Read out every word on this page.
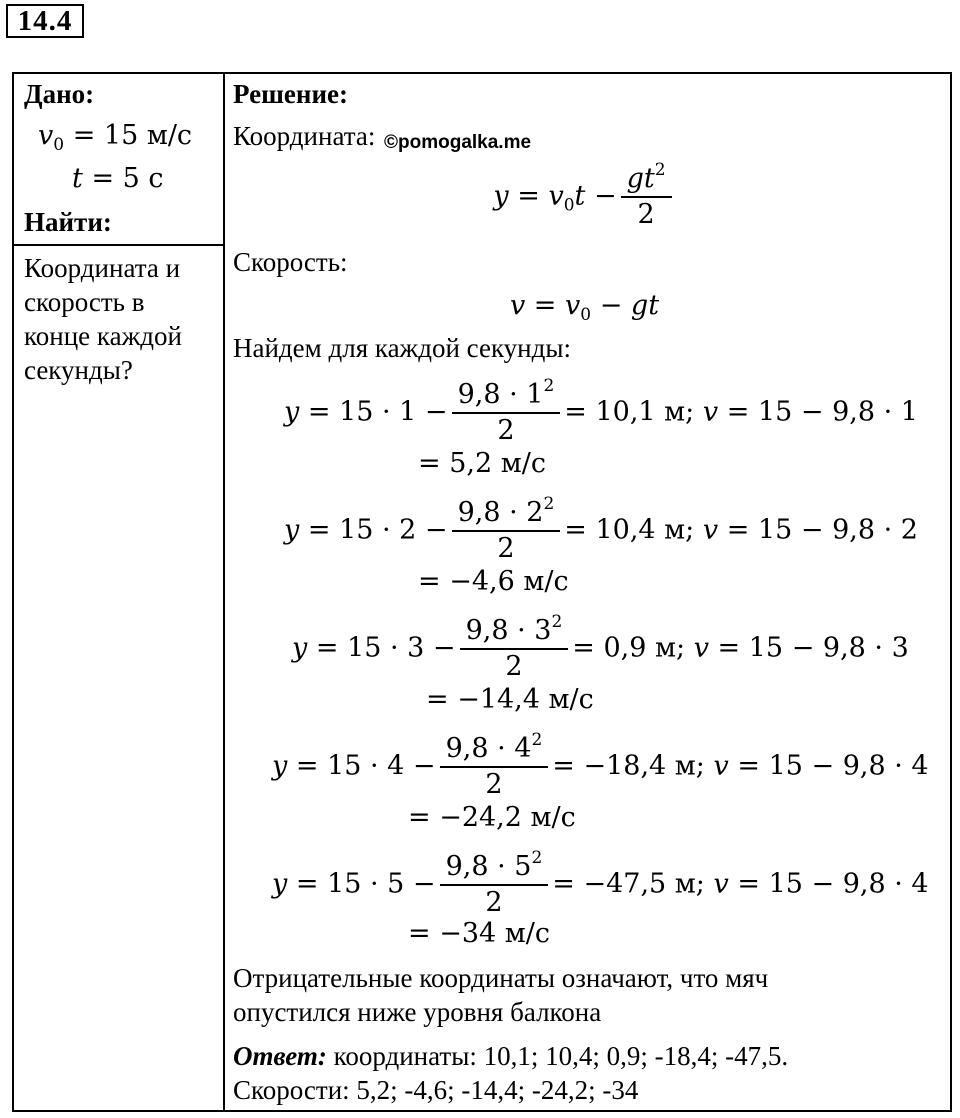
14.4
Дано:
$v_0 = 15$ м/с
t = 5 с
Найти:
Координата и
скорость в
конце каждой
секунды?
Решение:
Координата: ©pomogalka.me
$y = v_0t - \frac{gt^2}{2}$
Скорость:
$v = v_0$ − gt
Найдем для каждой секунды:
$y = 15 \cdot 1 - \frac{9,8 \cdot 1^2}{2} = 10,1$ м; v = 15 − 9,8 · 1
= 5,2 м/с
$y = 15 \cdot 2 - \frac{9,8 \cdot 2^2}{2} = 10,4$ м; v = 15 − 9,8 · 2
= −4,6 м/с
$y = 15 \cdot 3 - \frac{9,8 \cdot 3^2}{2} = 0,9$ м; v = 15 − 9,8 · 3
= −14,4 м/с
$y = 15 \cdot 4 - \frac{9,8 \cdot 4^2}{2} = -18,4$ м; v = 15 − 9,8 · 4
= −24,2 м/с
$y = 15 \cdot 5 - \frac{9,8 \cdot 5^2}{2} = -47,5$ м; v = 15 − 9,8 · 4
= −34 м/с
Отрицательные координаты означают, что мяч
опустился ниже уровня балкона
Ответ: координаты: 10,1; 10,4; 0,9; -18,4; -47,5.
Скорости: 5,2; -4,6; -14,4; -24,2; -34
